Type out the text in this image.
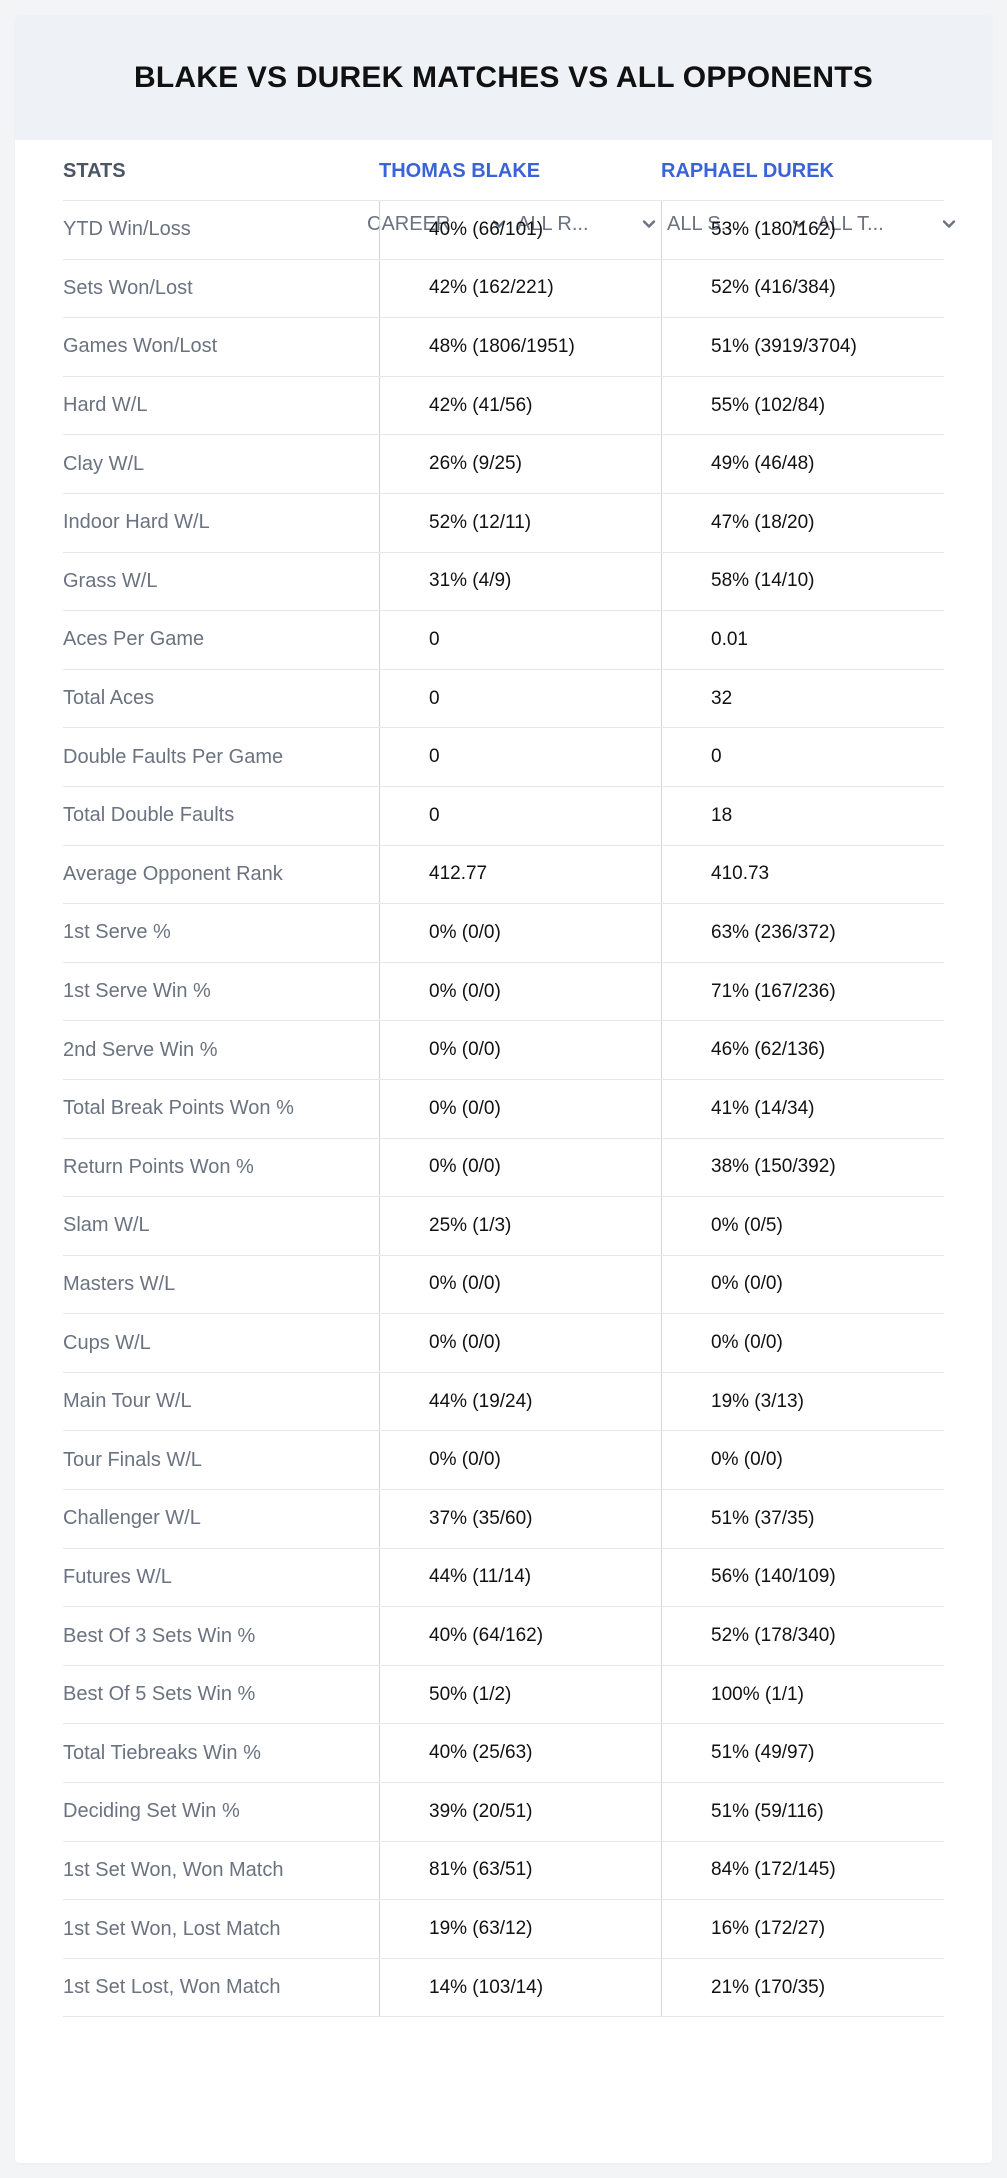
BLAKE VS DUREK MATCHES VS ALL OPPONENTS
CAREER	ALL R...	ALL S...	ALL T...
STATS	THOMAS BLAKE	RAPHAEL DUREK
YTD Win/Loss	40% (66/101)	53% (180/162)
Sets Won/Lost	42% (162/221)	52% (416/384)
Games Won/Lost	48% (1806/1951)	51% (3919/3704)
Hard W/L	42% (41/56)	55% (102/84)
Clay W/L	26% (9/25)	49% (46/48)
Indoor Hard W/L	52% (12/11)	47% (18/20)
Grass W/L	31% (4/9)	58% (14/10)
Aces Per Game	0	0.01
Total Aces	0	32
Double Faults Per Game	0	0
Total Double Faults	0	18
Average Opponent Rank	412.77	410.73
1st Serve %	0% (0/0)	63% (236/372)
1st Serve Win %	0% (0/0)	71% (167/236)
2nd Serve Win %	0% (0/0)	46% (62/136)
Total Break Points Won %	0% (0/0)	41% (14/34)
Return Points Won %	0% (0/0)	38% (150/392)
Slam W/L	25% (1/3)	0% (0/5)
Masters W/L	0% (0/0)	0% (0/0)
Cups W/L	0% (0/0)	0% (0/0)
Main Tour W/L	44% (19/24)	19% (3/13)
Tour Finals W/L	0% (0/0)	0% (0/0)
Challenger W/L	37% (35/60)	51% (37/35)
Futures W/L	44% (11/14)	56% (140/109)
Best Of 3 Sets Win %	40% (64/162)	52% (178/340)
Best Of 5 Sets Win %	50% (1/2)	100% (1/1)
Total Tiebreaks Win %	40% (25/63)	51% (49/97)
Deciding Set Win %	39% (20/51)	51% (59/116)
1st Set Won, Won Match	81% (63/51)	84% (172/145)
1st Set Won, Lost Match	19% (63/12)	16% (172/27)
1st Set Lost, Won Match	14% (103/14)	21% (170/35)
